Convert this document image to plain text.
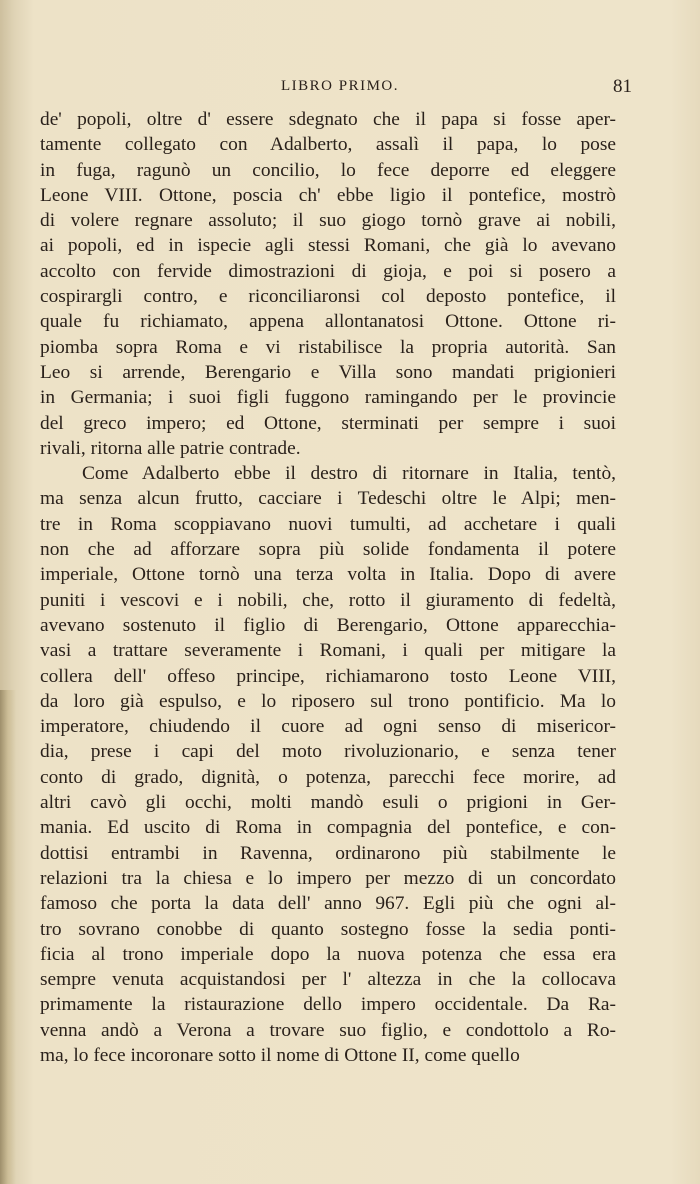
LIBRO PRIMO.	81
de' popoli, oltre d' essere sdegnato che il papa si fosse aper-
tamente collegato con Adalberto, assalì il papa, lo pose
in fuga, ragunò un concilio, lo fece deporre ed eleggere
Leone VIII. Ottone, poscia ch' ebbe ligio il pontefice, mostrò
di volere regnare assoluto; il suo giogo tornò grave ai nobili,
ai popoli, ed in ispecie agli stessi Romani, che già lo avevano
accolto con fervide dimostrazioni di gioja, e poi si posero a
cospirargli contro, e riconciliaronsi col deposto pontefice, il
quale fu richiamato, appena allontanatosi Ottone. Ottone ri-
piomba sopra Roma e vi ristabilisce la propria autorità. San
Leo si arrende, Berengario e Villa sono mandati prigionieri
in Germania; i suoi figli fuggono ramingando per le provincie
del greco impero; ed Ottone, sterminati per sempre i suoi
rivali, ritorna alle patrie contrade.
Come Adalberto ebbe il destro di ritornare in Italia, tentò,
ma senza alcun frutto, cacciare i Tedeschi oltre le Alpi; men-
tre in Roma scoppiavano nuovi tumulti, ad acchetare i quali
non che ad afforzare sopra più solide fondamenta il potere
imperiale, Ottone tornò una terza volta in Italia. Dopo di avere
puniti i vescovi e i nobili, che, rotto il giuramento di fedeltà,
avevano sostenuto il figlio di Berengario, Ottone apparecchia-
vasi a trattare severamente i Romani, i quali per mitigare la
collera dell' offeso principe, richiamarono tosto Leone VIII,
da loro già espulso, e lo riposero sul trono pontificio. Ma lo
imperatore, chiudendo il cuore ad ogni senso di misericor-
dia, prese i capi del moto rivoluzionario, e senza tener
conto di grado, dignità, o potenza, parecchi fece morire, ad
altri cavò gli occhi, molti mandò esuli o prigioni in Ger-
mania. Ed uscito di Roma in compagnia del pontefice, e con-
dottisi entrambi in Ravenna, ordinarono più stabilmente le
relazioni tra la chiesa e lo impero per mezzo di un concordato
famoso che porta la data dell' anno 967. Egli più che ogni al-
tro sovrano conobbe di quanto sostegno fosse la sedia ponti-
ficia al trono imperiale dopo la nuova potenza che essa era
sempre venuta acquistandosi per l' altezza in che la collocava
primamente la ristaurazione dello impero occidentale. Da Ra-
venna andò a Verona a trovare suo figlio, e condottolo a Ro-
ma, lo fece incoronare sotto il nome di Ottone II, come quello
